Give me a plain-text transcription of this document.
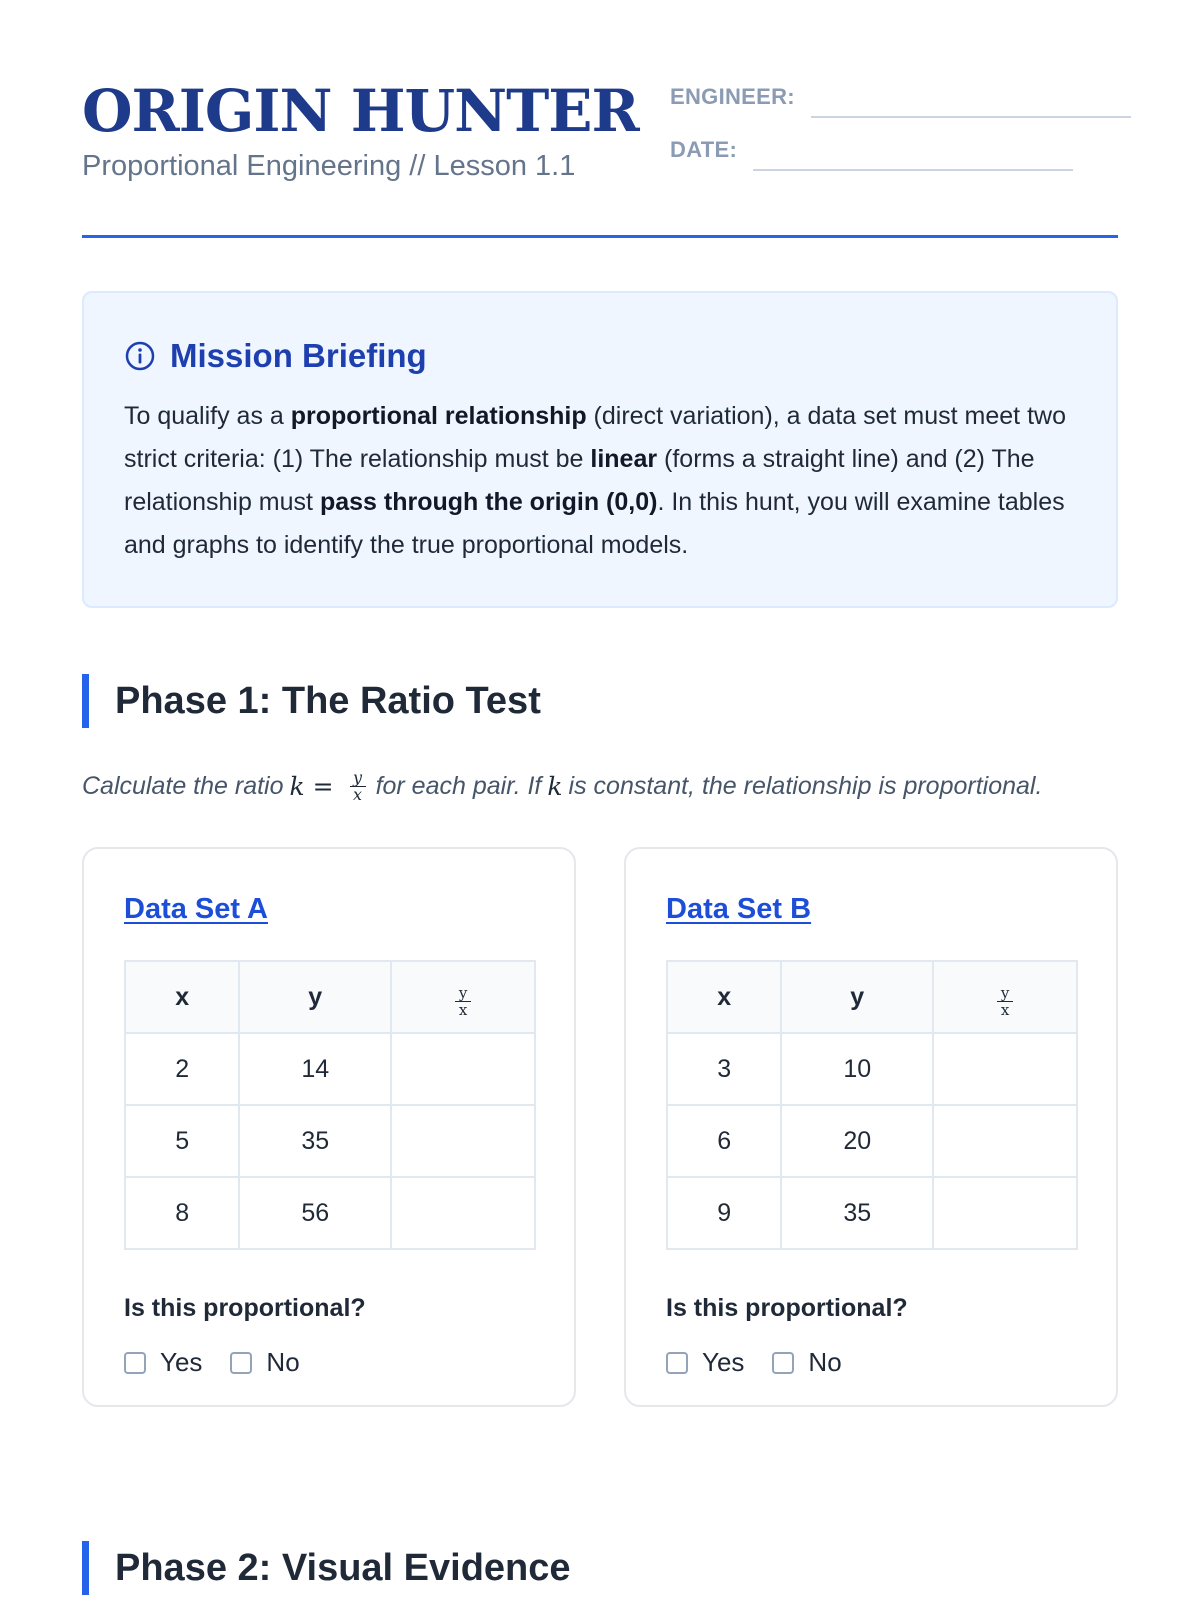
ORIGIN HUNTER
Proportional Engineering // Lesson 1.1
ENGINEER:
DATE:
Mission Briefing
To qualify as a proportional relationship (direct variation), a data set must meet two strict criteria: (1) The relationship must be linear (forms a straight line) and (2) The relationship must pass through the origin (0,0). In this hunt, you will examine tables and graphs to identify the true proportional models.
Phase 1: The Ratio Test
Calculate the ratio $k = \frac{y}{x}$ for each pair. If k is constant, the relationship is proportional.
Data Set A
x	y	$\frac{y}{x}$

2	14	
5	35	
8	56	
Is this proportional?
Yes No
Data Set B
x	y	$\frac{y}{x}$

3	10	
6	20	
9	35	
Is this proportional?
Yes No
Phase 2: Visual Evidence
